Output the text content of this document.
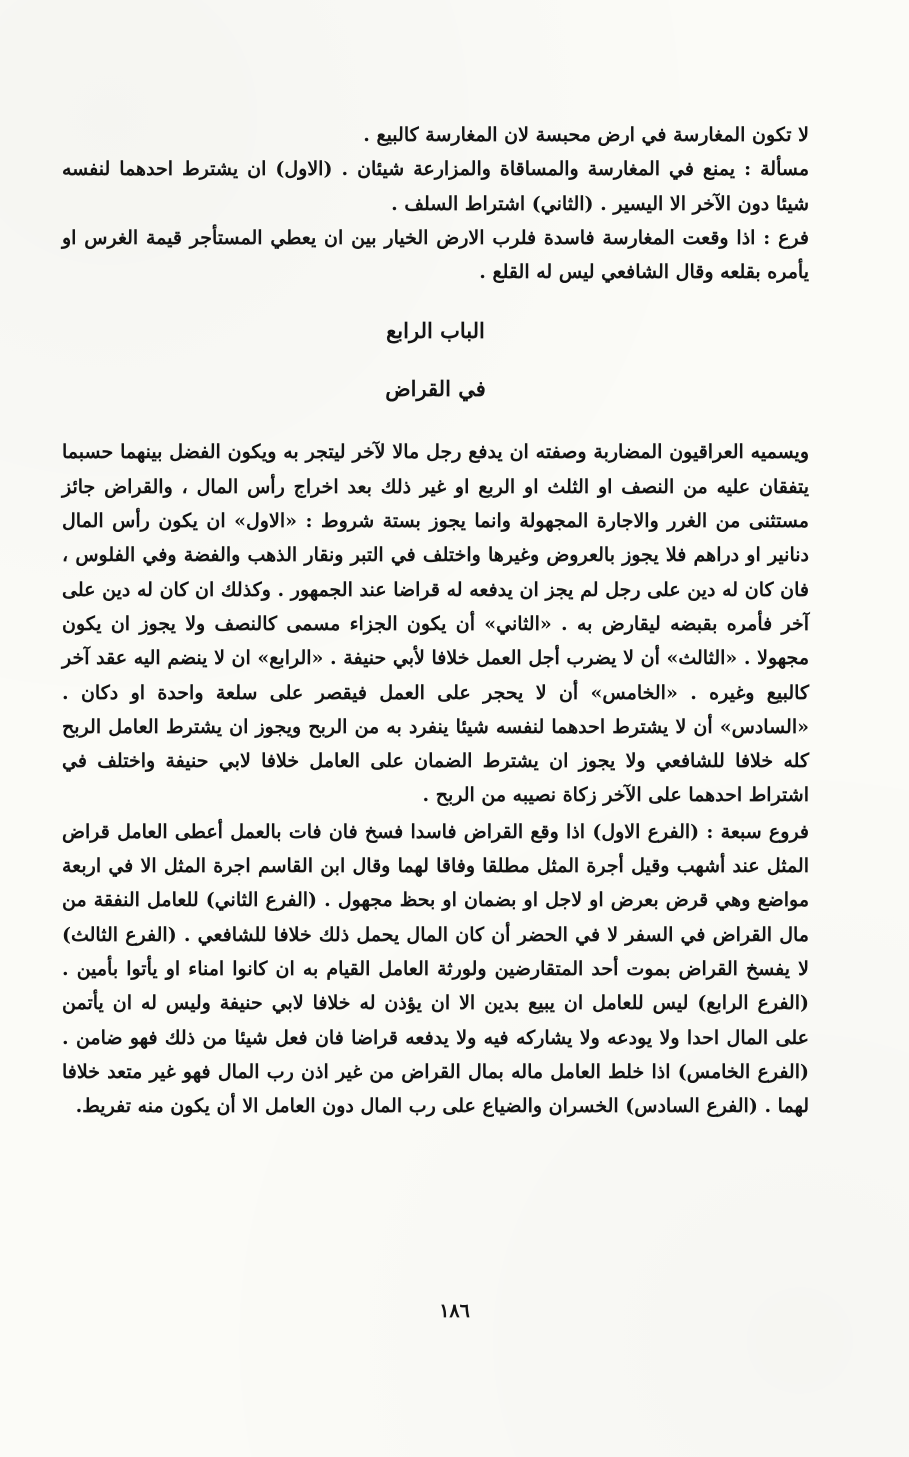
لا تكون المغارسة في ارض محبسة لان المغارسة كالبيع .

مسألة : يمنع في المغارسة والمساقاة والمزارعة شيئان . (الاول) ان يشترط احدهما لنفسه شيئا دون الآخر الا اليسير . (الثاني) اشتراط السلف .

فرع : اذا وقعت المغارسة فاسدة فلرب الارض الخيار بين ان يعطي المستأجر قيمة الغرس او يأمره بقلعه وقال الشافعي ليس له القلع .

الباب الرابع
في القراض

ويسميه العراقيون المضاربة وصفته ان يدفع رجل مالا لآخر ليتجر به ويكون الفضل بينهما حسبما يتفقان عليه من النصف او الثلث او الربع او غير ذلك بعد اخراج رأس المال ، والقراض جائز مستثنى من الغرر والاجارة المجهولة وانما يجوز بستة شروط : «الاول» ان يكون رأس المال دنانير او دراهم فلا يجوز بالعروض وغيرها واختلف في التبر ونقار الذهب والفضة وفي الفلوس ، فان كان له دين على رجل لم يجز ان يدفعه له قراضا عند الجمهور . وكذلك ان كان له دين على آخر فأمره بقبضه ليقارض به . «الثاني» أن يكون الجزاء مسمى كالنصف ولا يجوز ان يكون مجهولا . «الثالث» أن لا يضرب أجل العمل خلافا لأبي حنيفة . «الرابع» ان لا ينضم اليه عقد آخر كالبيع وغيره . «الخامس» أن لا يحجر على العمل فيقصر على سلعة واحدة او دكان . «السادس» أن لا يشترط احدهما لنفسه شيئا ينفرد به من الربح ويجوز ان يشترط العامل الربح كله خلافا للشافعي ولا يجوز ان يشترط الضمان على العامل خلافا لابي حنيفة واختلف في اشتراط احدهما على الآخر زكاة نصيبه من الربح .

فروع سبعة : (الفرع الاول) اذا وقع القراض فاسدا فسخ فان فات بالعمل أعطى العامل قراض المثل عند أشهب وقيل أجرة المثل مطلقا وفاقا لهما وقال ابن القاسم اجرة المثل الا في اربعة مواضع وهي قرض بعرض او لاجل او بضمان او بحظ مجهول . (الفرع الثاني) للعامل النفقة من مال القراض في السفر لا في الحضر أن كان المال يحمل ذلك خلافا للشافعي . (الفرع الثالث) لا يفسخ القراض بموت أحد المتقارضين ولورثة العامل القيام به ان كانوا امناء او يأتوا بأمين . (الفرع الرابع) ليس للعامل ان يبيع بدين الا ان يؤذن له خلافا لابي حنيفة وليس له ان يأتمن على المال احدا ولا يودعه ولا يشاركه فيه ولا يدفعه قراضا فان فعل شيئا من ذلك فهو ضامن . (الفرع الخامس) اذا خلط العامل ماله بمال القراض من غير اذن رب المال فهو غير متعد خلافا لهما . (الفرع السادس) الخسران والضياع على رب المال دون العامل الا أن يكون منه تفريط.

١٨٦
